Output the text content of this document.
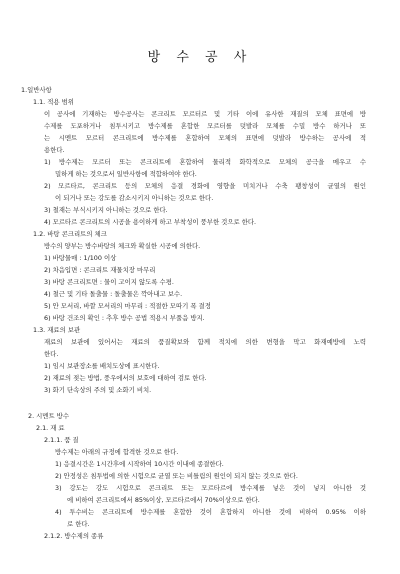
방 수 공 사
1.일반사항
1.1. 적용 범위
이 공사에 기재하는 방수공사는 콘크리트 모르터르 및 기타 이에 유사한 재질의 모체 표면에 방
수제를 도포하거나 침투시키고 방수제를 혼합한 모르터를 덧발라 모체를 수밀 방수 하거나 또
는 시멘트 모르터 콘크리트에 방수제를 혼합하여 모체의 표면에 덧발라 방수하는 공사에 적
용한다.
1) 방수제는 모르터 또는 콘크리트에 혼합하여 물리적 화학적으로 모체의 공극을 메우고 수
밀하게 하는 것으로서 일반사항에 적합하여야 한다.
2) 모르타르, 콘크리트 등의 모체의 응결 경화에 영향을 미치거나 수축 팽창성이 균열의 원인
이 되거나 또는 강도를 감소시키지 아니하는 것으로 한다.
3) 철재는 부식시키지 아니하는 것으로 한다.
4) 모르타르 콘크리트의 시공을 용이하게 하고 부착성이 풍부한 것으로 한다.
1.2. 바탕 콘크리트의 체크
방수의 양부는 방수바탕의 체크와 확실한 시공에 의한다.
1) 바탕물매 : 1/100 이상
2) 차음입면 : 콘크리트 재물치장 마무리
3) 바탕 콘크리트면 : 물이 고이지 않도록 수평.
4) 철근 및 기타 돌출물 : 돌출물은 깍아내고 보수.
5) 안 모서리, 바깥 모서리의 마무리 : 적절한 모따기 폭 결정
6) 바탕 건조의 확인 : 추후 방수 공법 적용시 부풀음 방지.
1.3. 재료의 보관
재료의 보관에 있어서는 재료의 품질확보와 함께 적치에 의한 변형을 막고 화재예방에 노력
한다.
1) 임시 보관장소를 배치도상에 표시한다.
2) 재료의 젖는 방법, 풍우에서의 보호에 대하여 검토 한다.
3) 화기 단속상의 주의 및 소화기 비치.
2. 시멘트 방수
2.1. 재 료
2.1.1. 품 질
방수제는 아래의 규정에 합격한 것으로 한다.
1) 응결시간은 1시간후에 시작하여 10시간 이내에 종결한다.
2) 안정성은 침투법에 의한 시험으로 균열 또는 비틀림의 원인이 되지 않는 것으로 한다.
3) 강도는 강도 시험으로 콘크리트 또는 모르타르에 방수제를 넣은 것이 넣지 아니한 것
에 비하여 콘크리트에서 85%이상, 모르타르에서 70%이상으로 한다.
4) 투수비는 콘크리트에 방수제를 혼합한 것이 혼합하지 아니한 것에 비하여 0.95% 이하
로 한다.
2.1.2. 방수제의 종류
